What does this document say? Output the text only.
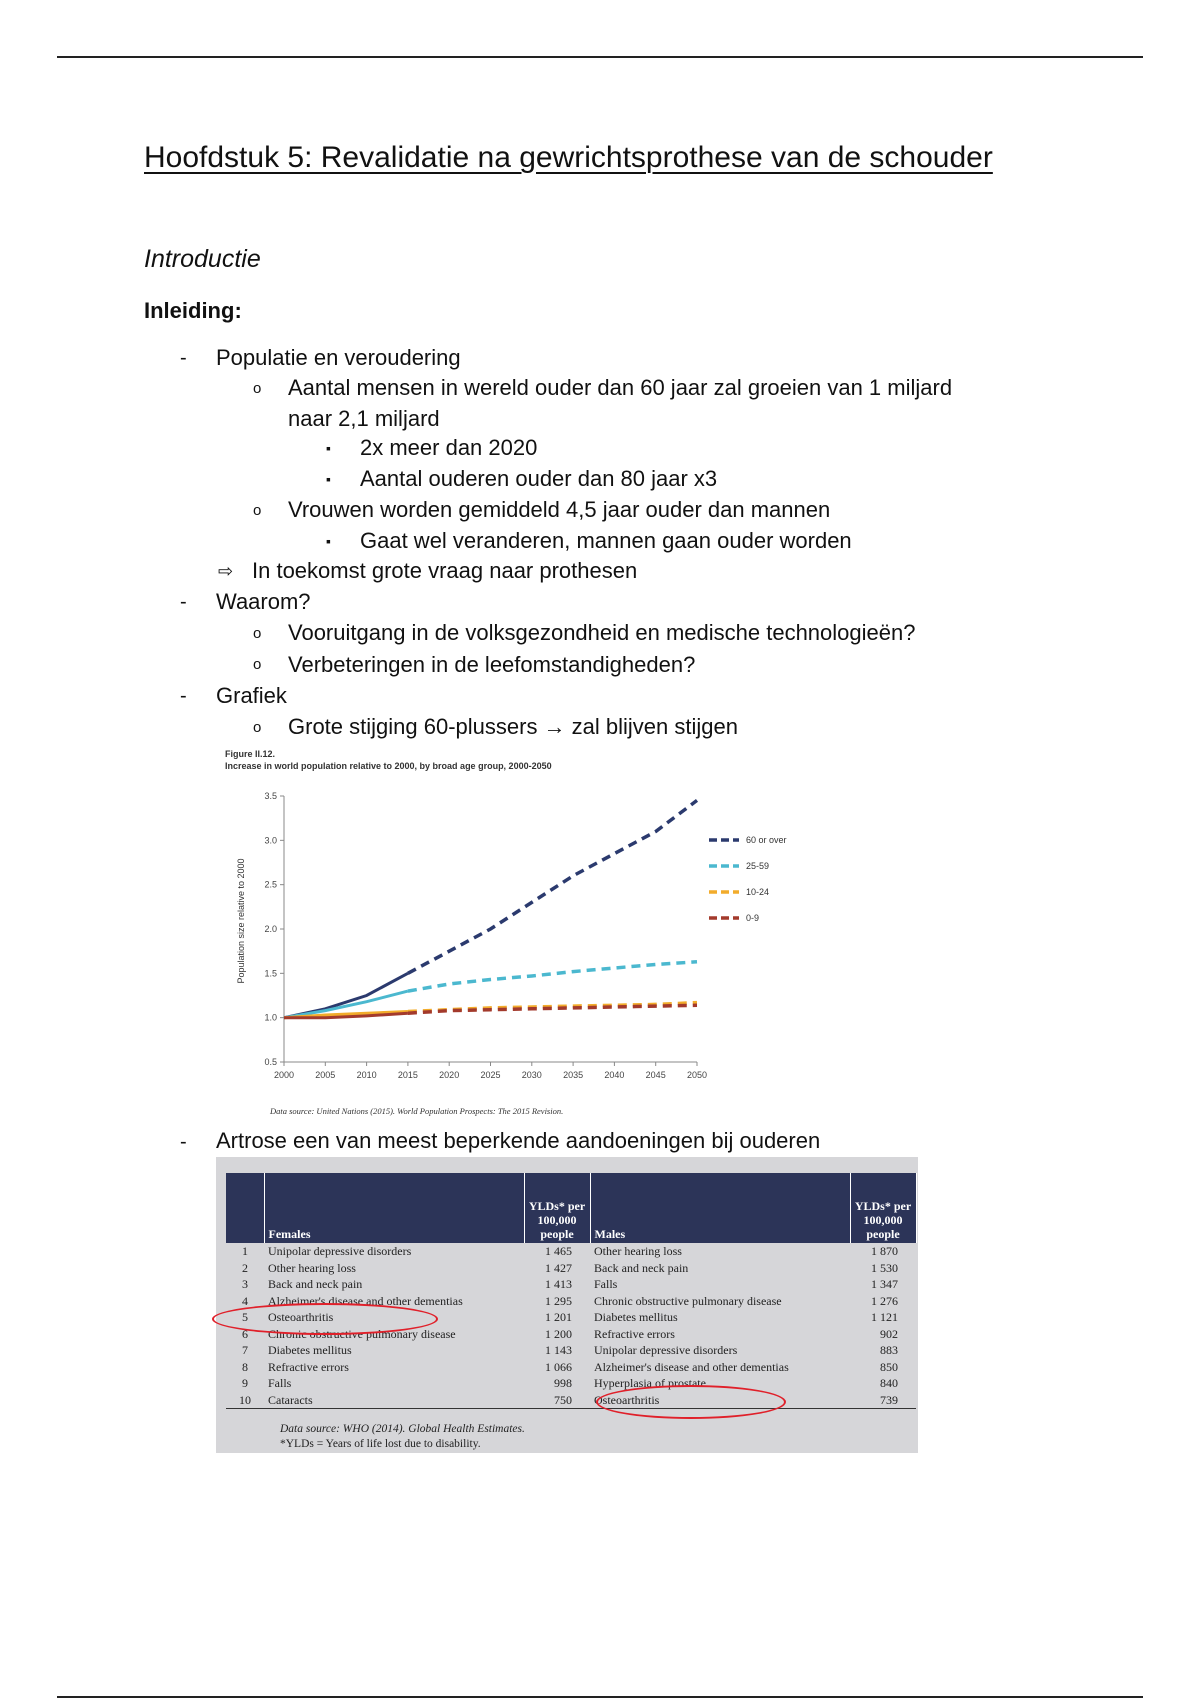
Hoofdstuk 5: Revalidatie na gewrichtsprothese van de schouder
Introductie
Inleiding:
- Populatie en veroudering
o Aantal mensen in wereld ouder dan 60 jaar zal groeien van 1 miljard
naar 2,1 miljard
▪ 2x meer dan 2020
▪ Aantal ouderen ouder dan 80 jaar x3
o Vrouwen worden gemiddeld 4,5 jaar ouder dan mannen
▪ Gaat wel veranderen, mannen gaan ouder worden
⇨ In toekomst grote vraag naar prothesen
- Waarom?
o Vooruitgang in de volksgezondheid en medische technologieën?
o Verbeteringen in de leefomstandigheden?
- Grafiek
o Grote stijging 60-plussers → zal blijven stijgen
Figure II.12.
Increase in world population relative to 2000, by broad age group, 2000-2050
Population size relative to 2000
0.5
1.0
1.5
2.0
2.5
3.0
3.5
2000 2005 2010 2015 2020 2025 2030 2035 2040 2045 2050
60 or over
25-59
10-24
0-9
Data source: United Nations (2015). World Population Prospects: The 2015 Revision.
- Artrose een van meest beperkende aandoeningen bij ouderen
	Females	YLDs* per 100,000 people	Males	YLDs* per 100,000 people
1	Unipolar depressive disorders	1 465	Other hearing loss	1 870
2	Other hearing loss	1 427	Back and neck pain	1 530
3	Back and neck pain	1 413	Falls	1 347
4	Alzheimer's disease and other dementias	1 295	Chronic obstructive pulmonary disease	1 276
5	Osteoarthritis	1 201	Diabetes mellitus	1 121
6	Chronic obstructive pulmonary disease	1 200	Refractive errors	902
7	Diabetes mellitus	1 143	Unipolar depressive disorders	883
8	Refractive errors	1 066	Alzheimer's disease and other dementias	850
9	Falls	998	Hyperplasia of prostate	840
10	Cataracts	750	Osteoarthritis	739
Data source: WHO (2014). Global Health Estimates.
*YLDs = Years of life lost due to disability.
